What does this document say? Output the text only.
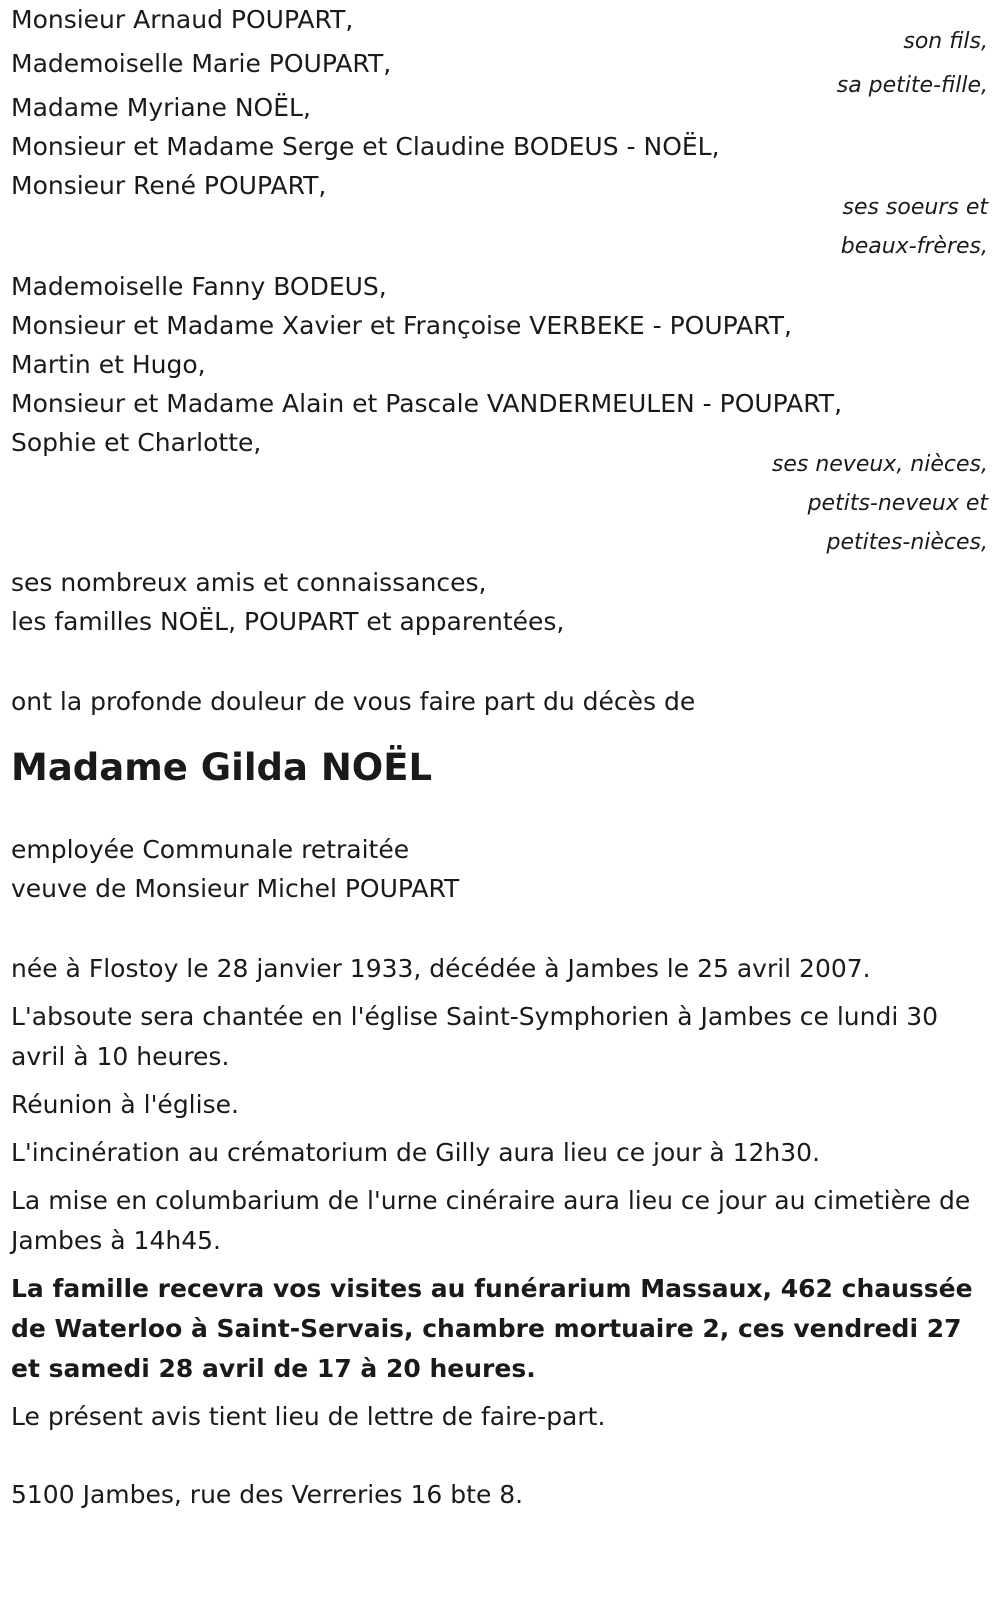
Monsieur Arnaud POUPART,

son fils,

Mademoiselle Marie POUPART,

sa petite-fille,

Madame Myriane NOËL,

Monsieur et Madame Serge et Claudine BODEUS - NOËL,

Monsieur René POUPART,

ses soeurs et

beaux-frères,

Mademoiselle Fanny BODEUS,

Monsieur et Madame Xavier et Françoise VERBEKE - POUPART,

Martin et Hugo,

Monsieur et Madame Alain et Pascale VANDERMEULEN - POUPART,

Sophie et Charlotte,

ses neveux, nièces,

petits-neveux et

petites-nièces,

ses nombreux amis et connaissances,

les familles NOËL, POUPART et apparentées,

ont la profonde douleur de vous faire part du décès de

Madame Gilda NOËL

employée Communale retraitée

veuve de Monsieur Michel POUPART

née à Flostoy le 28 janvier 1933, décédée à Jambes le 25 avril 2007.

L'absoute sera chantée en l'église Saint-Symphorien à Jambes ce lundi 30 avril à 10 heures.

Réunion à l'église.

L'incinération au crématorium de Gilly aura lieu ce jour à 12h30.

La mise en columbarium de l'urne cinéraire aura lieu ce jour au cimetière de Jambes à 14h45.

La famille recevra vos visites au funérarium Massaux, 462 chaussée de Waterloo à Saint-Servais, chambre mortuaire 2, ces vendredi 27 et samedi 28 avril de 17 à 20 heures.

Le présent avis tient lieu de lettre de faire-part.

5100 Jambes, rue des Verreries 16 bte 8.
